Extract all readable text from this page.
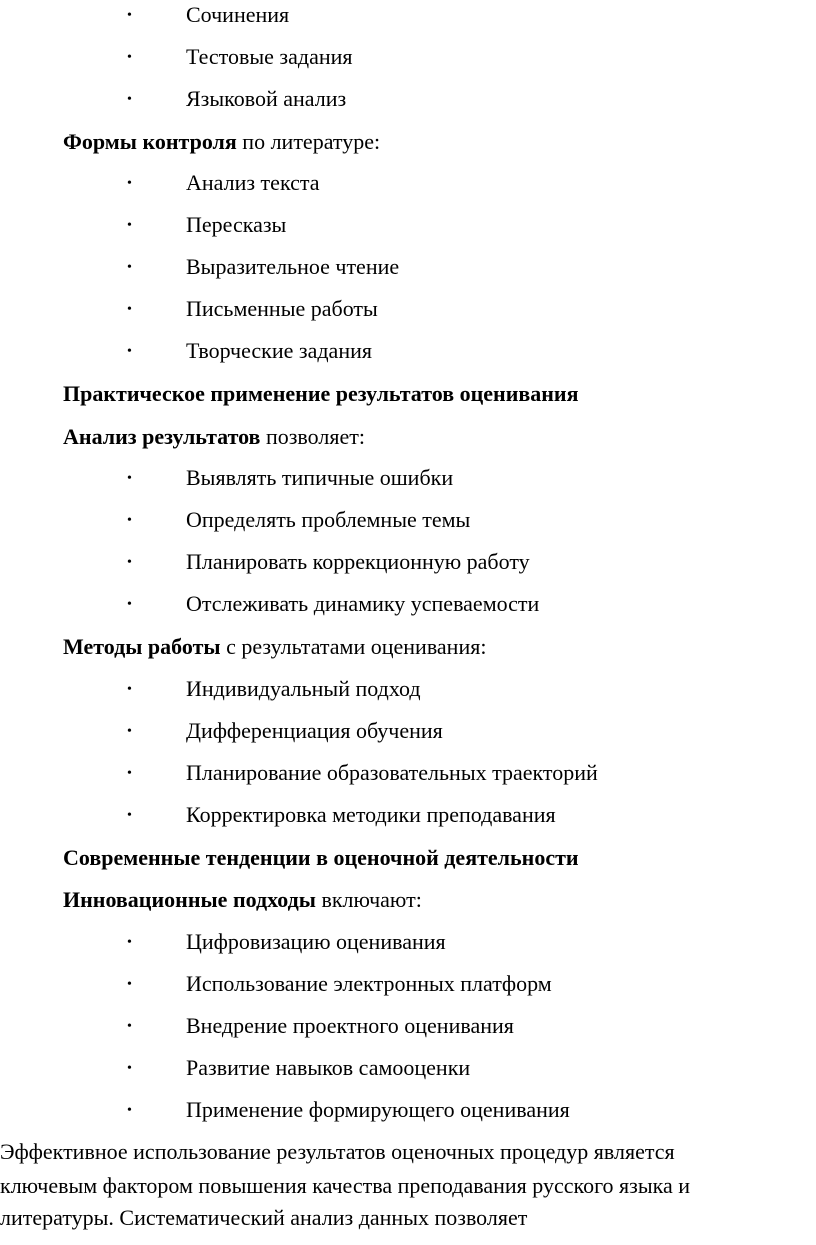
• Сочинения
• Тестовые задания
• Языковой анализ
Формы контроля по литературе:
• Анализ текста
• Пересказы
• Выразительное чтение
• Письменные работы
• Творческие задания
Практическое применение результатов оценивания
Анализ результатов позволяет:
• Выявлять типичные ошибки
• Определять проблемные темы
• Планировать коррекционную работу
• Отслеживать динамику успеваемости
Методы работы с результатами оценивания:
• Индивидуальный подход
• Дифференциация обучения
• Планирование образовательных траекторий
• Корректировка методики преподавания
Современные тенденции в оценочной деятельности
Инновационные подходы включают:
• Цифровизацию оценивания
• Использование электронных платформ
• Внедрение проектного оценивания
• Развитие навыков самооценки
• Применение формирующего оценивания
Эффективное использование результатов оценочных процедур является
ключевым фактором повышения качества преподавания русского языка и
литературы. Систематический анализ данных позволяет
